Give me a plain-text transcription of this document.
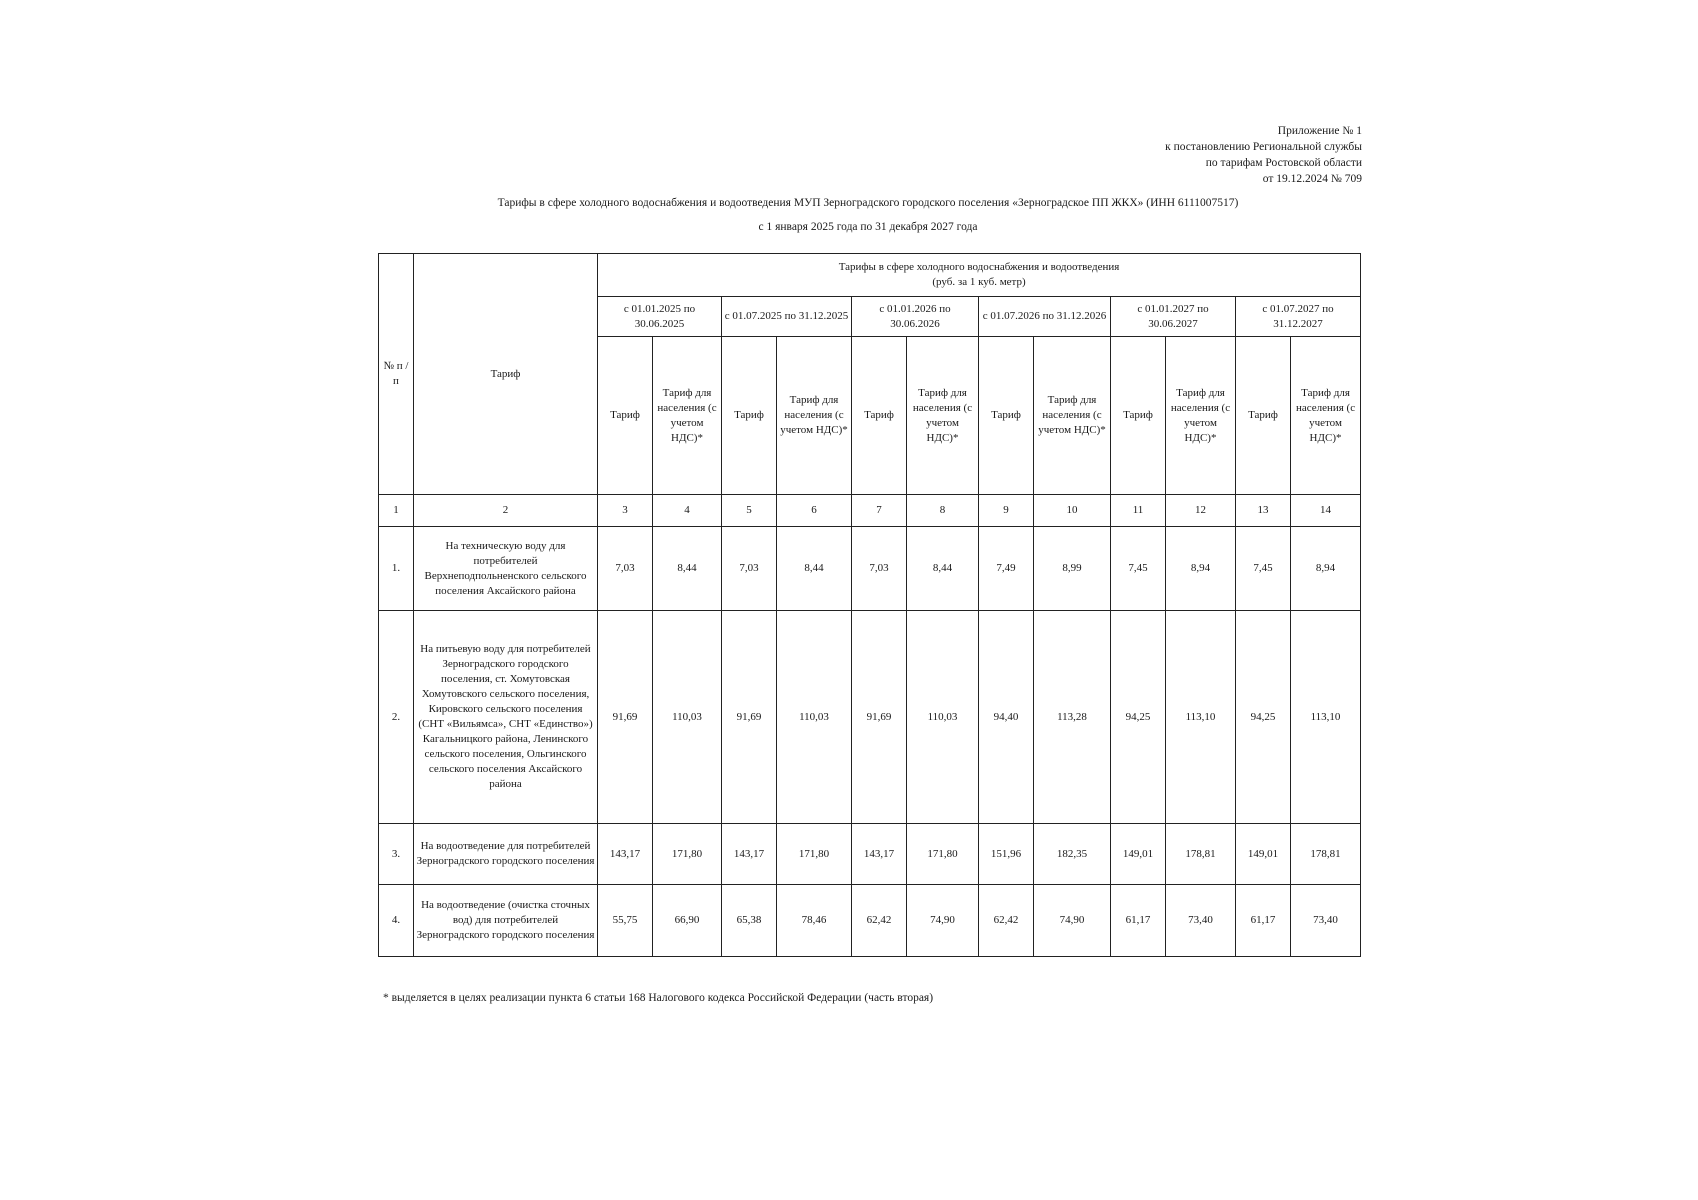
Приложение № 1
к постановлению Региональной службы
по тарифам Ростовской области
от 19.12.2024 № 709
Тарифы в сфере холодного водоснабжения и водоотведения МУП Зерноградского городского поселения «Зерноградское ПП ЖКХ» (ИНН 6111007517)
с 1 января 2025 года по 31 декабря 2027 года
№ п /п	Тариф	Тарифы в сфере холодного водоснабжения и водоотведения
(руб. за 1 куб. метр)											

		с 01.01.2025 по 30.06.2025		с 01.07.2025 по 31.12.2025		с 01.01.2026 по 30.06.2026		с 01.07.2026 по 31.12.2026		с 01.01.2027 по 30.06.2027		с 01.07.2027 по 31.12.2027	
		Тариф	Тариф для населения (с учетом НДС)*	Тариф	Тариф для населения (с учетом НДС)*	Тариф	Тариф для населения (с учетом НДС)*	Тариф	Тариф для населения (с учетом НДС)*	Тариф	Тариф для населения (с учетом НДС)*	Тариф	Тариф для населения (с учетом НДС)*
1	2	3	4	5	6	7	8	9	10	11	12	13	14
1.	На техническую воду для потребителей Верхнеподпольненского сельского поселения Аксайского района	7,03	8,44	7,03	8,44	7,03	8,44	7,49	8,99	7,45	8,94	7,45	8,94
2.	На питьевую воду для потребителей Зерноградского городского поселения, ст. Хомутовская Хомутовского сельского поселения, Кировского сельского поселения (СНТ «Вильямса», СНТ «Единство») Кагальницкого района, Ленинского сельского поселения, Ольгинского сельского поселения Аксайского района	91,69	110,03	91,69	110,03	91,69	110,03	94,40	113,28	94,25	113,10	94,25	113,10
3.	На водоотведение для потребителей Зерноградского городского поселения	143,17	171,80	143,17	171,80	143,17	171,80	151,96	182,35	149,01	178,81	149,01	178,81
4.	На водоотведение (очистка сточных вод) для потребителей Зерноградского городского поселения	55,75	66,90	65,38	78,46	62,42	74,90	62,42	74,90	61,17	73,40	61,17	73,40
* выделяется в целях реализации пункта 6 статьи 168 Налогового кодекса Российской Федерации (часть вторая)
